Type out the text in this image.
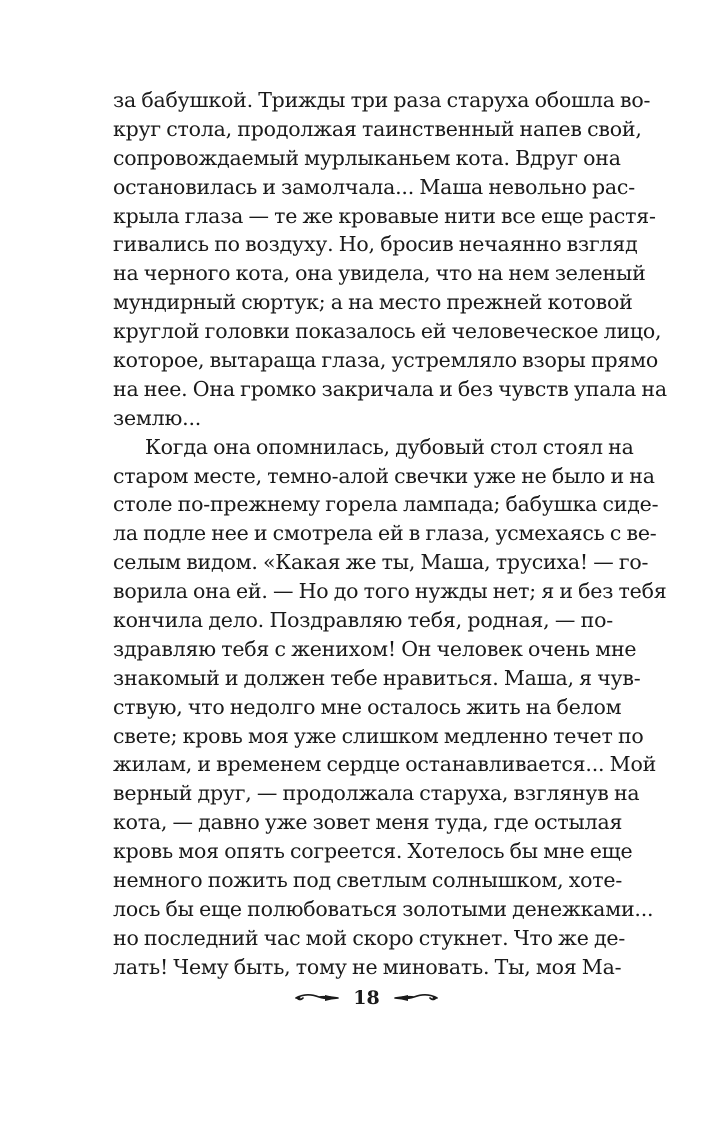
за бабушкой. Трижды три раза старуха обошла во-
круг стола, продолжая таинственный напев свой,
сопровождаемый мурлыканьем кота. Вдруг она
остановилась и замолчала... Маша невольно рас-
крыла глаза — те же кровавые нити все еще растя-
гивались по воздуху. Но, бросив нечаянно взгляд
на черного кота, она увидела, что на нем зеленый
мундирный сюртук; а на место прежней котовой
круглой головки показалось ей человеческое лицо,
которое, вытараща глаза, устремляло взоры прямо
на нее. Она громко закричала и без чувств упала на
землю...
Когда она опомнилась, дубовый стол стоял на
старом месте, темно-алой свечки уже не было и на
столе по-прежнему горела лампада; бабушка сиде-
ла подле нее и смотрела ей в глаза, усмехаясь с ве-
селым видом. «Какая же ты, Маша, трусиха! — го-
ворила она ей. — Но до того нужды нет; я и без тебя
кончила дело. Поздравляю тебя, родная, — по-
здравляю тебя с женихом! Он человек очень мне
знакомый и должен тебе нравиться. Маша, я чув-
ствую, что недолго мне осталось жить на белом
свете; кровь моя уже слишком медленно течет по
жилам, и временем сердце останавливается... Мой
верный друг, — продолжала старуха, взглянув на
кота, — давно уже зовет меня туда, где остылая
кровь моя опять согреется. Хотелось бы мне еще
немного пожить под светлым солнышком, хоте-
лось бы еще полюбоваться золотыми денежками...
но последний час мой скоро стукнет. Что же де-
лать! Чему быть, тому не миновать. Ты, моя Ма-
18
